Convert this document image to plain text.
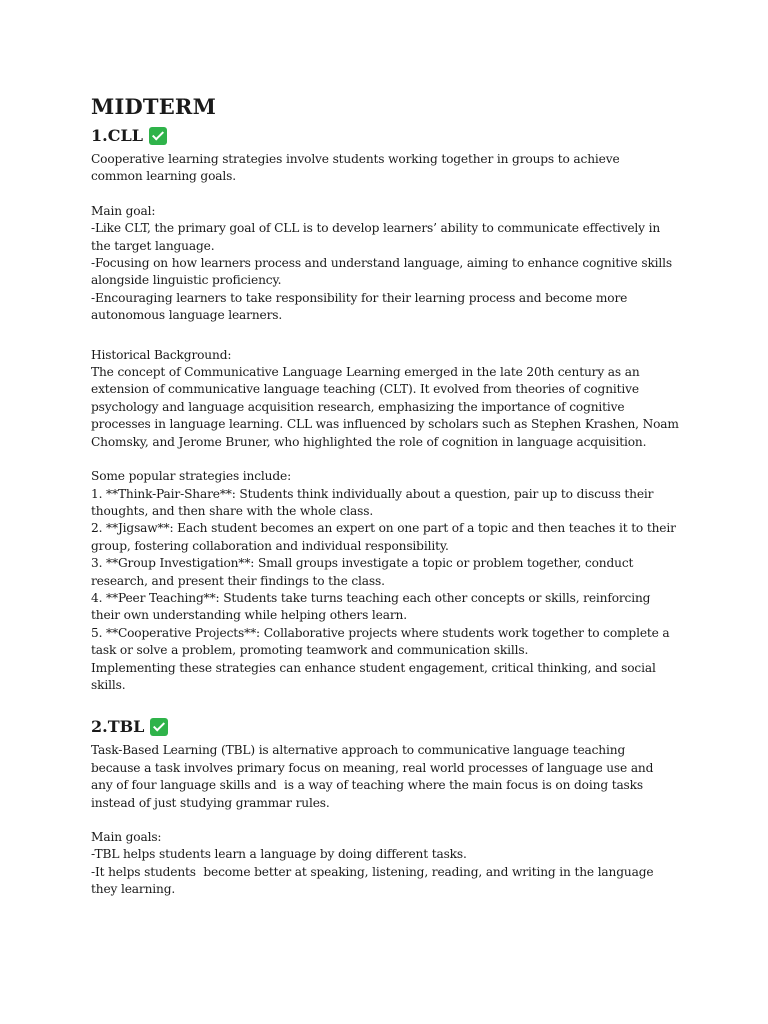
MIDTERM
1.CLL

Cooperative learning strategies involve students working together in groups to achieve
common learning goals.

Main goal:
-Like CLT, the primary goal of CLL is to develop learners’ ability to communicate effectively in
the target language.
-Focusing on how learners process and understand language, aiming to enhance cognitive skills
alongside linguistic proficiency.
-Encouraging learners to take responsibility for their learning process and become more
autonomous language learners.

Historical Background:
The concept of Communicative Language Learning emerged in the late 20th century as an
extension of communicative language teaching (CLT). It evolved from theories of cognitive
psychology and language acquisition research, emphasizing the importance of cognitive
processes in language learning. CLL was influenced by scholars such as Stephen Krashen, Noam
Chomsky, and Jerome Bruner, who highlighted the role of cognition in language acquisition.

Some popular strategies include:
1. **Think-Pair-Share**: Students think individually about a question, pair up to discuss their
thoughts, and then share with the whole class.
2. **Jigsaw**: Each student becomes an expert on one part of a topic and then teaches it to their
group, fostering collaboration and individual responsibility.
3. **Group Investigation**: Small groups investigate a topic or problem together, conduct
research, and present their findings to the class.
4. **Peer Teaching**: Students take turns teaching each other concepts or skills, reinforcing
their own understanding while helping others learn.
5. **Cooperative Projects**: Collaborative projects where students work together to complete a
task or solve a problem, promoting teamwork and communication skills.
Implementing these strategies can enhance student engagement, critical thinking, and social
skills.

2.TBL

Task-Based Learning (TBL) is alternative approach to communicative language teaching
because a task involves primary focus on meaning, real world processes of language use and
any of four language skills and  is a way of teaching where the main focus is on doing tasks
instead of just studying grammar rules.

Main goals:
-TBL helps students learn a language by doing different tasks.
-It helps students  become better at speaking, listening, reading, and writing in the language
they learning.
